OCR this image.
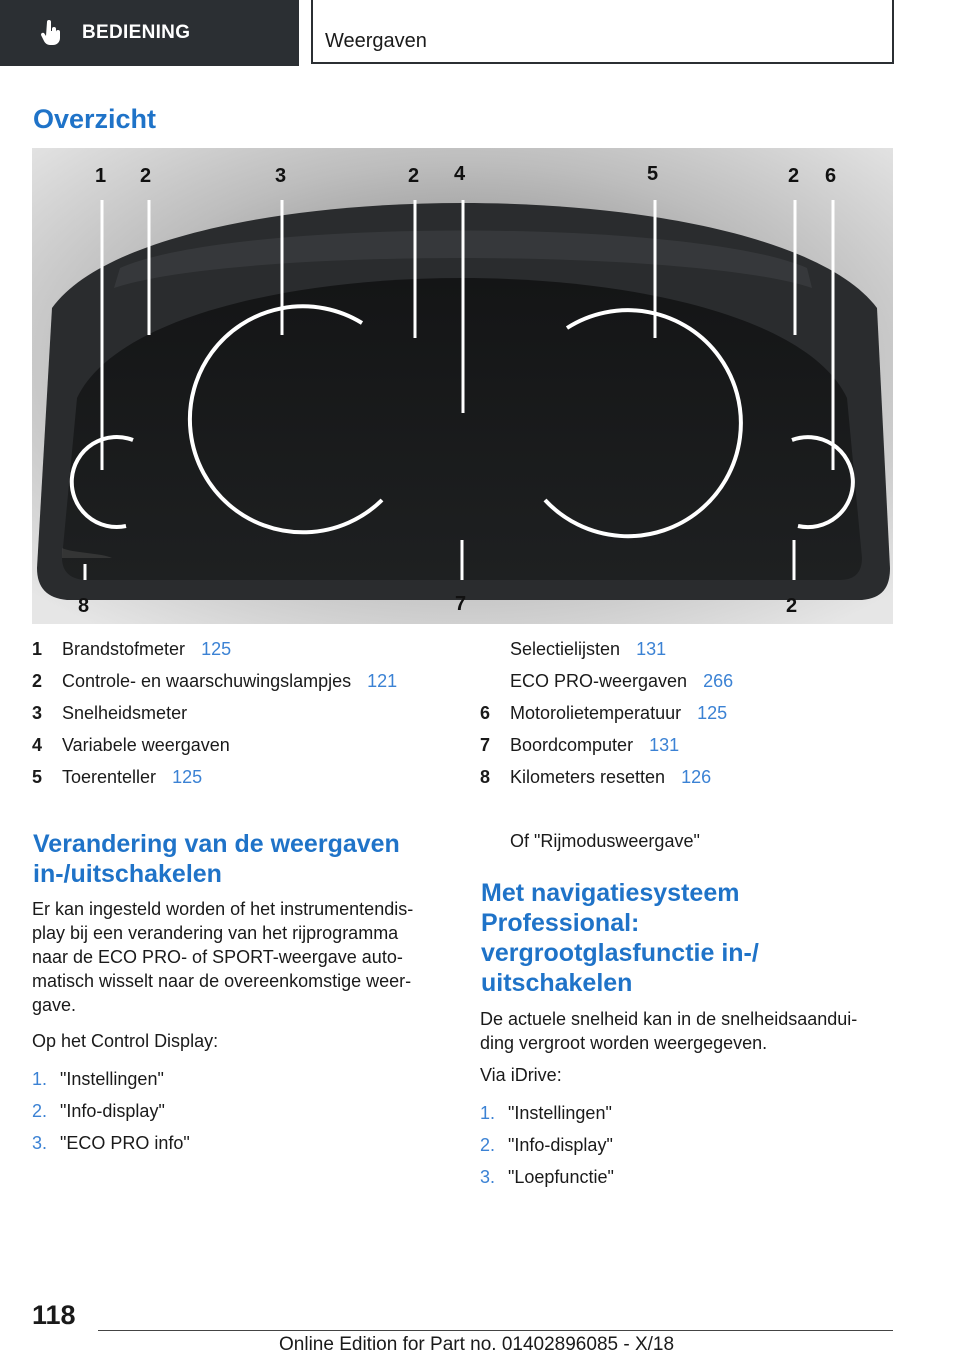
BEDIENING	Weergaven
Overzicht
1 2	3	2 4	5	2 6
8	7	2
1	Brandstofmeter 125
2	Controle- en waarschuwingslampjes 121
3	Snelheidsmeter
4	Variabele weergaven
5	Toerenteller 125
Selectielijsten 131
ECO PRO-weergaven 266
6	Motorolietemperatuur 125
7	Boordcomputer 131
8	Kilometers resetten 126
Verandering van de weergaven
in-/uitschakelen
Er kan ingesteld worden of het instrumentendis-
play bij een verandering van het rijprogramma
naar de ECO PRO- of SPORT-weergave auto-
matisch wisselt naar de overeenkomstige weer-
gave.
Op het Control Display:
1. "Instellingen"
2. "Info-display"
3. "ECO PRO info"
Of "Rijmodusweergave"
Met navigatiesysteem
Professional:
vergrootglasfunctie in-/
uitschakelen
De actuele snelheid kan in de snelheidsaandui-
ding vergroot worden weergegeven.
Via iDrive:
1. "Instellingen"
2. "Info-display"
3. "Loepfunctie"
118
Online Edition for Part no. 01402896085 - X/18
